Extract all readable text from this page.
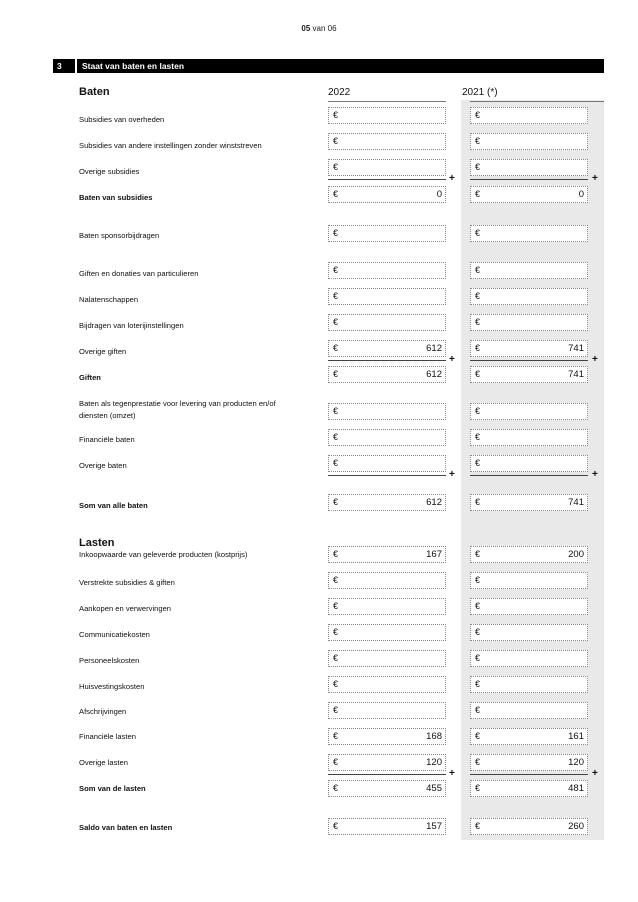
05 van 06
3 Staat van baten en lasten
Baten	2022	2021 (*)
Lasten
Subsidies van overheden	€	€
Subsidies van andere instellingen zonder winststreven	€	€
Overige subsidies	€	€
+	+
Baten van subsidies	€	0	€	0
Baten sponsorbijdragen	€	€
Giften en donaties van particulieren	€	€
Nalatenschappen	€	€
Bijdragen van loterijinstellingen	€	€
Overige giften	€	612	€	741
+	+
Giften	€	612	€	741
Baten als tegenprestatie voor levering van producten en/of diensten (omzet)	€	€
Financiële baten	€	€
Overige baten	€	€
+	+
Som van alle baten	€	612	€	741
Inkoopwaarde van geleverde producten (kostprijs)	€	167	€	200
Verstrekte subsidies & giften	€	€
Aankopen en verwervingen	€	€
Communicatiekosten	€	€
Personeelskosten	€	€
Huisvestingskosten	€	€
Afschrijvingen	€	€
Financiële lasten	€	168	€	161
Overige lasten	€	120	€	120
+	+
Som van de lasten	€	455	€	481
Saldo van baten en lasten	€	157	€	260
